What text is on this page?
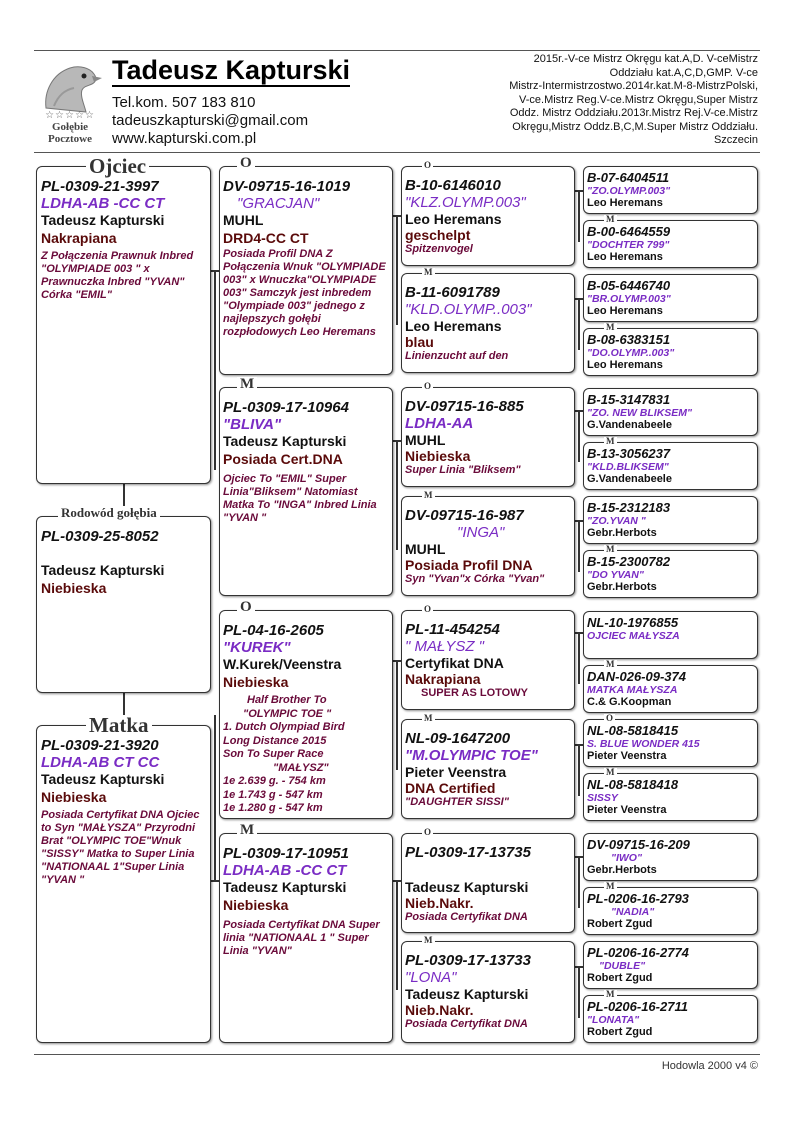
☆☆☆☆☆
Gołębie
Pocztowe
Tadeusz Kapturski
Tel.kom. 507 183 810
tadeuszkapturski@gmail.com
www.kapturski.com.pl
2015r.-V-ce Mistrz Okręgu kat.A,D. V-ceMistrz
Oddziału kat.A,C,D,GMP. V-ce
Mistrz-Intermistrzostwo.2014r.kat.M-8-MistrzPolski,
V-ce.Mistrz Reg.V-ce.Mistrz Okręgu,Super Mistrz
Oddz. Mistrz Oddziału.2013r.Mistrz Rej.V-ce.Mistrz
Okręgu,Mistrz Oddz.B,C,M.Super Mistrz Oddziału.
Szczecin
PL-0309-21-3997
LDHA-AB -CC CT
Tadeusz Kapturski
Nakrapiana
Z Połączenia Prawnuk Inbred "OLYMPIADE 003 " x Prawnuczka Inbred "YVAN" Córka "EMIL"
Ojciec
PL-0309-25-8052
Tadeusz Kapturski
Niebieska
Rodowód gołębia
PL-0309-21-3920
LDHA-AB CT CC
Tadeusz Kapturski
Niebieska
Posiada Certyfikat DNA Ojciec to Syn "MAŁYSZA" Przyrodni Brat "OLYMPIC TOE"Wnuk "SISSY" Matka to Super Linia "NATIONAAL 1"Super Linia "YVAN "
Matka
DV-09715-16-1019
"GRACJAN"
MUHL
DRD4-CC CT
Posiada Profil DNA Z Połączenia Wnuk "OLYMPIADE 003" x Wnuczka"OLYMPIADE 003" Samczyk jest inbredem "Olympiade 003" jednego z najlepszych gołębi rozpłodowych Leo Heremans
O
PL-0309-17-10964
"BLIVA"
Tadeusz Kapturski
Posiada Cert.DNA
Ojciec To "EMIL" Super Linia"Bliksem" Natomiast Matka To "INGA" Inbred Linia "YVAN "
M
PL-04-16-2605
"KUREK"
W.Kurek/Veenstra
Niebieska
Half Brother To
"OLYMPIC TOE "
1. Dutch Olympiad Bird
Long Distance 2015
Son To Super Race
"MAŁYSZ"
1e 2.639 g. - 754 km
1e 1.743 g - 547 km
1e 1.280 g - 547 km
O
PL-0309-17-10951
LDHA-AB -CC CT
Tadeusz Kapturski
Niebieska
Posiada Certyfikat DNA Super linia "NATIONAAL 1 " Super Linia "YVAN"
M
B-10-6146010
"KLZ.OLYMP.003"
Leo Heremans
geschelpt
Spitzenvogel
O
B-11-6091789
"KLD.OLYMP..003"
Leo Heremans
blau
Linienzucht auf den
M
DV-09715-16-885
LDHA-AA
MUHL
Niebieska
Super Linia "Bliksem"
O
DV-09715-16-987
"INGA"
MUHL
Posiada Profil DNA
Syn "Yvan"x Córka "Yvan"
M
PL-11-454254
" MAŁYSZ "
Certyfikat DNA
Nakrapiana
SUPER AS LOTOWY
O
NL-09-1647200
"M.OLYMPIC TOE"
Pieter Veenstra
DNA Certified
"DAUGHTER SISSI"
M
PL-0309-17-13735
Tadeusz Kapturski
Nieb.Nakr.
Posiada Certyfikat DNA
O
PL-0309-17-13733
"LONA"
Tadeusz Kapturski
Nieb.Nakr.
Posiada Certyfikat DNA
M
B-07-6404511
"ZO.OLYMP.003"
Leo Heremans
B-00-6464559
"DOCHTER 799"
Leo Heremans
M
B-05-6446740
"BR.OLYMP.003"
Leo Heremans
B-08-6383151
"DO.OLYMP..003"
Leo Heremans
M
B-15-3147831
"ZO. NEW BLIKSEM"
G.Vandenabeele
B-13-3056237
"KLD.BLIKSEM"
G.Vandenabeele
M
B-15-2312183
"ZO.YVAN "
Gebr.Herbots
B-15-2300782
"DO YVAN"
Gebr.Herbots
M
NL-10-1976855
OJCIEC MAŁYSZA
DAN-026-09-374
MATKA MAŁYSZA
C.& G.Koopman
M
NL-08-5818415
S. BLUE WONDER 415
Pieter Veenstra
O
NL-08-5818418
SISSY
Pieter Veenstra
M
DV-09715-16-209
"IWO"
Gebr.Herbots
PL-0206-16-2793
"NADIA"
Robert Zgud
M
PL-0206-16-2774
"DUBLE"
Robert Zgud
PL-0206-16-2711
"LONATA"
Robert Zgud
M
Hodowla 2000 v4 ©
